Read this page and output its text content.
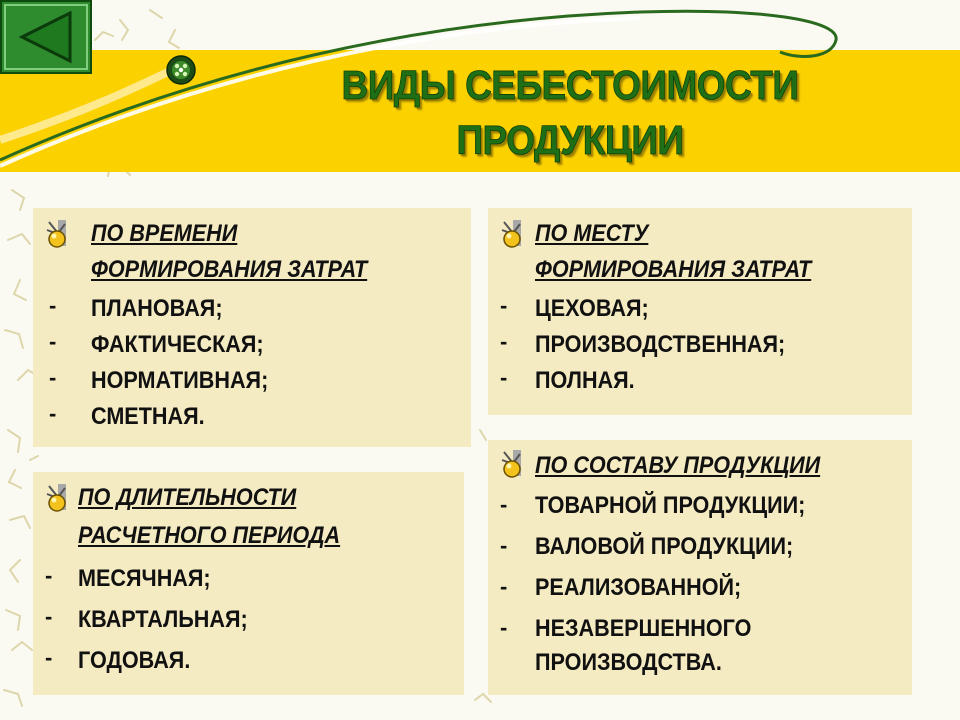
ВИДЫ СЕБЕСТОИМОСТИ
ПРОДУКЦИИ
ПО ВРЕМЕНИ
ФОРМИРОВАНИЯ ЗАТРАТ
- ПЛАНОВАЯ;
- ФАКТИЧЕСКАЯ;
- НОРМАТИВНАЯ;
- СМЕТНАЯ.
ПО МЕСТУ
ФОРМИРОВАНИЯ ЗАТРАТ
- ЦЕХОВАЯ;
- ПРОИЗВОДСТВЕННАЯ;
- ПОЛНАЯ.
ПО ДЛИТЕЛЬНОСТИ
РАСЧЕТНОГО ПЕРИОДА
- МЕСЯЧНАЯ;
- КВАРТАЛЬНАЯ;
- ГОДОВАЯ.
ПО СОСТАВУ ПРОДУКЦИИ
- ТОВАРНОЙ ПРОДУКЦИИ;
- ВАЛОВОЙ ПРОДУКЦИИ;
- РЕАЛИЗОВАННОЙ;
- НЕЗАВЕРШЕННОГО
ПРОИЗВОДСТВА.
